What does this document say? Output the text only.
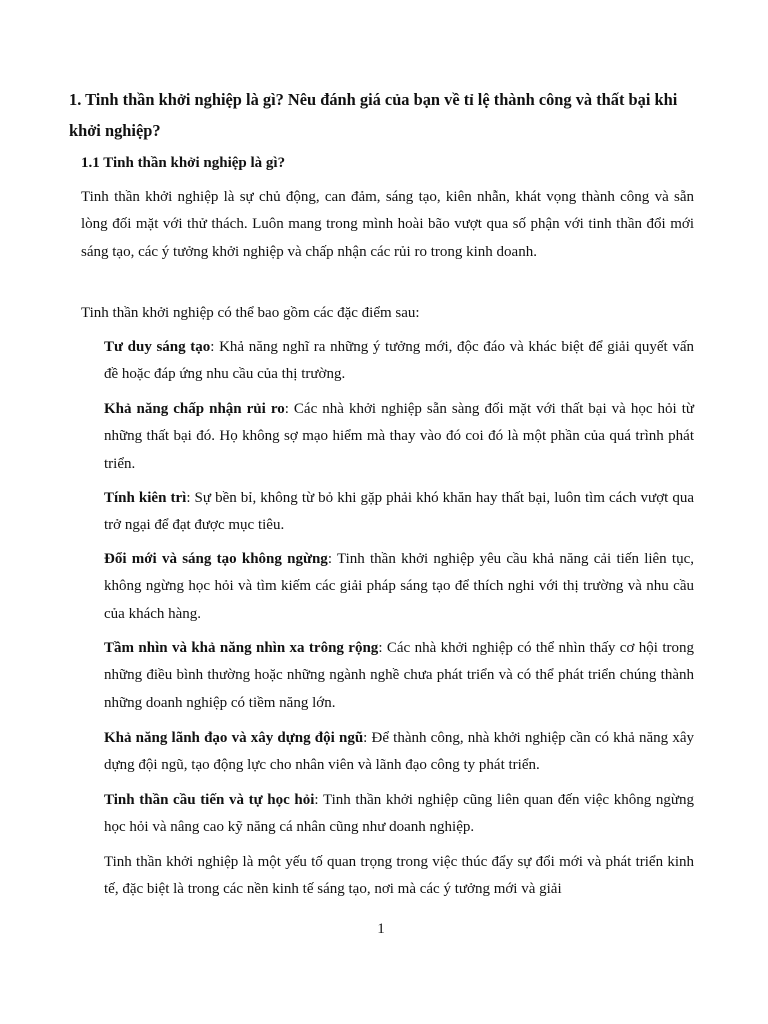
1. Tinh thần khởi nghiệp là gì? Nêu đánh giá của bạn về tỉ lệ thành công và thất bại khi khởi nghiệp?
1.1 Tinh thần khởi nghiệp là gì?

Tinh thần khởi nghiệp là sự chủ động, can đảm, sáng tạo, kiên nhẫn, khát vọng thành công và sẵn lòng đối mặt với thử thách. Luôn mang trong mình hoài bão vượt qua số phận với tinh thần đổi mới sáng tạo, các ý tưởng khởi nghiệp và chấp nhận các rủi ro trong kinh doanh.

Tinh thần khởi nghiệp có thể bao gồm các đặc điểm sau:

Tư duy sáng tạo: Khả năng nghĩ ra những ý tưởng mới, độc đáo và khác biệt để giải quyết vấn đề hoặc đáp ứng nhu cầu của thị trường.

Khả năng chấp nhận rủi ro: Các nhà khởi nghiệp sẵn sàng đối mặt với thất bại và học hỏi từ những thất bại đó. Họ không sợ mạo hiểm mà thay vào đó coi đó là một phần của quá trình phát triển.

Tính kiên trì: Sự bền bỉ, không từ bỏ khi gặp phải khó khăn hay thất bại, luôn tìm cách vượt qua trở ngại để đạt được mục tiêu.

Đổi mới và sáng tạo không ngừng: Tinh thần khởi nghiệp yêu cầu khả năng cải tiến liên tục, không ngừng học hỏi và tìm kiếm các giải pháp sáng tạo để thích nghi với thị trường và nhu cầu của khách hàng.

Tầm nhìn và khả năng nhìn xa trông rộng: Các nhà khởi nghiệp có thể nhìn thấy cơ hội trong những điều bình thường hoặc những ngành nghề chưa phát triển và có thể phát triển chúng thành những doanh nghiệp có tiềm năng lớn.

Khả năng lãnh đạo và xây dựng đội ngũ: Để thành công, nhà khởi nghiệp cần có khả năng xây dựng đội ngũ, tạo động lực cho nhân viên và lãnh đạo công ty phát triển.

Tinh thần cầu tiến và tự học hỏi: Tinh thần khởi nghiệp cũng liên quan đến việc không ngừng học hỏi và nâng cao kỹ năng cá nhân cũng như doanh nghiệp.

Tinh thần khởi nghiệp là một yếu tố quan trọng trong việc thúc đẩy sự đổi mới và phát triển kinh tế, đặc biệt là trong các nền kinh tế sáng tạo, nơi mà các ý tưởng mới và giải

1
